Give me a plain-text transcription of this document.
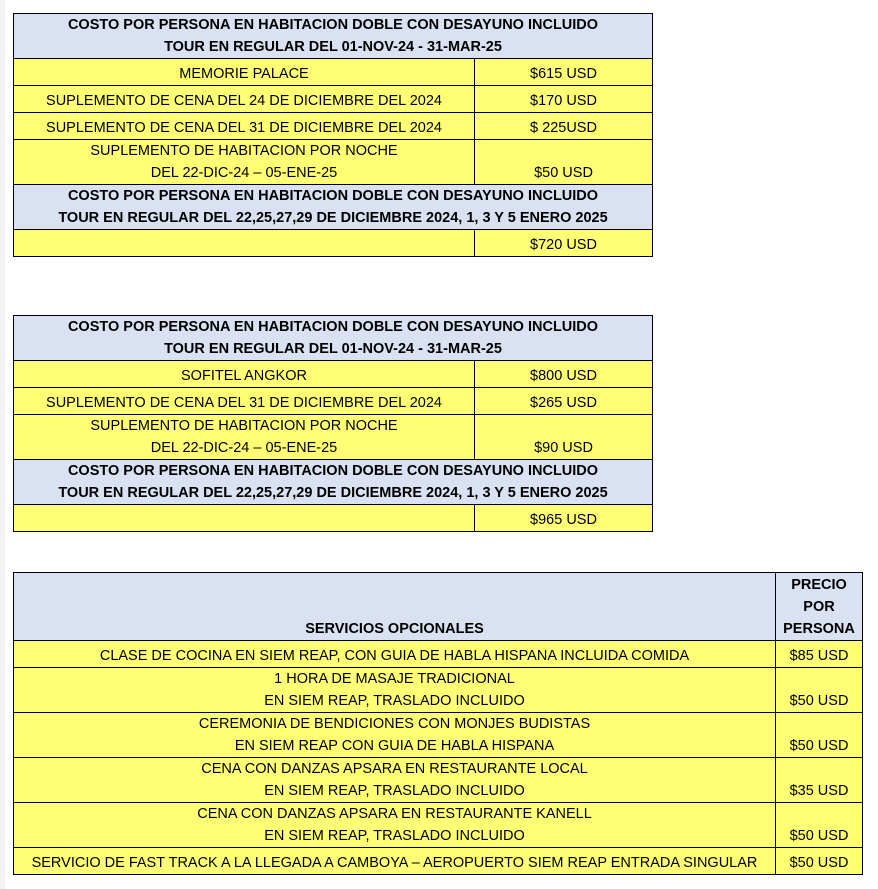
COSTO POR PERSONA EN HABITACION DOBLE CON DESAYUNO INCLUIDO
TOUR EN REGULAR DEL 01-NOV-24 - 31-MAR-25	

MEMORIE PALACE	$615 USD
SUPLEMENTO DE CENA DEL 24 DE DICIEMBRE DEL 2024	$170 USD
SUPLEMENTO DE CENA DEL 31 DE DICIEMBRE DEL 2024	$ 225USD

SUPLEMENTO DE HABITACION POR NOCHE
DEL 22-DIC-24 – 05-ENE-25	$50 USD

COSTO POR PERSONA EN HABITACION DOBLE CON DESAYUNO INCLUIDO
TOUR EN REGULAR DEL 22,25,27,29 DE DICIEMBRE 2024, 1, 3 Y 5 ENERO 2025	

	$720 USD
COSTO POR PERSONA EN HABITACION DOBLE CON DESAYUNO INCLUIDO
TOUR EN REGULAR DEL 01-NOV-24 - 31-MAR-25	

SOFITEL ANGKOR	$800 USD
SUPLEMENTO DE CENA DEL 31 DE DICIEMBRE DEL 2024	$265 USD

SUPLEMENTO DE HABITACION POR NOCHE
DEL 22-DIC-24 – 05-ENE-25	$90 USD

COSTO POR PERSONA EN HABITACION DOBLE CON DESAYUNO INCLUIDO
TOUR EN REGULAR DEL 22,25,27,29 DE DICIEMBRE 2024, 1, 3 Y 5 ENERO 2025	

	$965 USD
SERVICIOS OPCIONALES	PRECIO
POR
PERSONA

CLASE DE COCINA EN SIEM REAP, CON GUIA DE HABLA HISPANA INCLUIDA COMIDA	$85 USD

1 HORA DE MASAJE TRADICIONAL
EN SIEM REAP, TRASLADO INCLUIDO	$50 USD

CEREMONIA DE BENDICIONES CON MONJES BUDISTAS
EN SIEM REAP CON GUIA DE HABLA HISPANA	$50 USD

CENA CON DANZAS APSARA EN RESTAURANTE LOCAL
EN SIEM REAP, TRASLADO INCLUIDO	$35 USD

CENA CON DANZAS APSARA EN RESTAURANTE KANELL
EN SIEM REAP, TRASLADO INCLUIDO	$50 USD
SERVICIO DE FAST TRACK A LA LLEGADA A CAMBOYA – AEROPUERTO SIEM REAP ENTRADA SINGULAR	$50 USD
